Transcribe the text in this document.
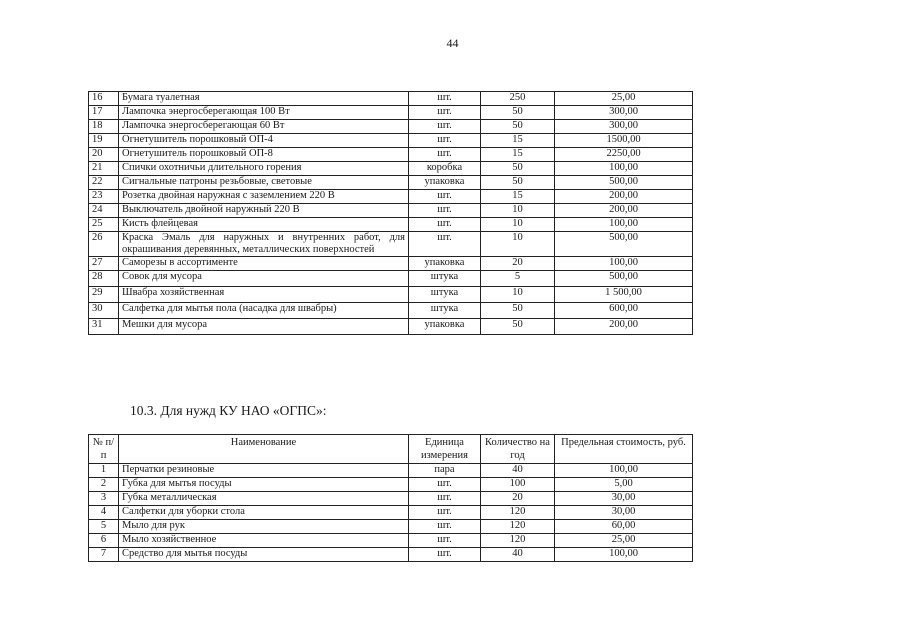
44
16	Бумага туалетная	шт.	250	25,00
17	Лампочка энергосберегающая 100 Вт	шт.	50	300,00
18	Лампочка энергосберегающая 60 Вт	шт.	50	300,00
19	Огнетушитель порошковый ОП-4	шт.	15	1500,00
20	Огнетушитель порошковый ОП-8	шт.	15	2250,00
21	Спички охотничьи длительного горения	коробка	50	100,00
22	Сигнальные патроны резьбовые, световые	упаковка	50	500,00
23	Розетка двойная наружная с заземлением 220 В	шт.	15	200,00
24	Выключатель двойной наружный 220 В	шт.	10	200,00
25	Кисть флейцевая	шт.	10	100,00
26	Краска Эмаль для наружных и внутренних работ, для окрашивания деревянных, металлических поверхностей	шт.	10	500,00
27	Саморезы в ассортименте	упаковка	20	100,00
28	Совок для мусора	штука	5	500,00
29	Швабра хозяйственная	штука	10	1 500,00
30	Салфетка для мытья пола (насадка для швабры)	штука	50	600,00
31	Мешки для мусора	упаковка	50	200,00
10.3. Для нужд КУ НАО «ОГПС»:
№ п/п	Наименование	Единица измерения	Количество на год	Предельная стоимость, руб.
1	Перчатки резиновые	пара	40	100,00
2	Губка для мытья посуды	шт.	100	5,00
3	Губка металлическая	шт.	20	30,00
4	Салфетки для уборки стола	шт.	120	30,00
5	Мыло для рук	шт.	120	60,00
6	Мыло хозяйственное	шт.	120	25,00
7	Средство для мытья посуды	шт.	40	100,00
